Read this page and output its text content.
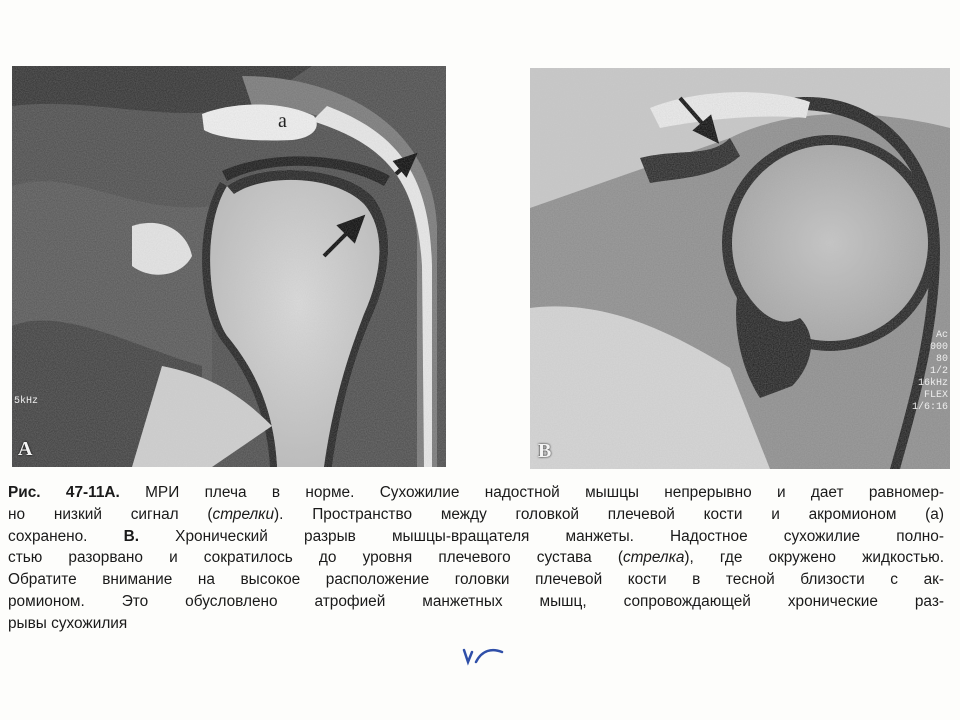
a
5kHz
A
Ac
000
80
1/2
16kHz
FLEX
1/6:16
B
Рис. 47-11А. МРИ плеча в норме. Сухожилие надостной мышцы непрерывно и дает равномер-
но низкий сигнал (стрелки). Пространство между головкой плечевой кости и акромионом (а)
сохранено. В. Хронический разрыв мышцы-вращателя манжеты. Надостное сухожилие полно-
стью разорвано и сократилось до уровня плечевого сустава (стрелка), где окружено жидкостью.
Обратите внимание на высокое расположение головки плечевой кости в тесной близости с ак-
ромионом. Это обусловлено атрофией манжетных мышц, сопровождающей хронические раз-
рывы сухожилия
